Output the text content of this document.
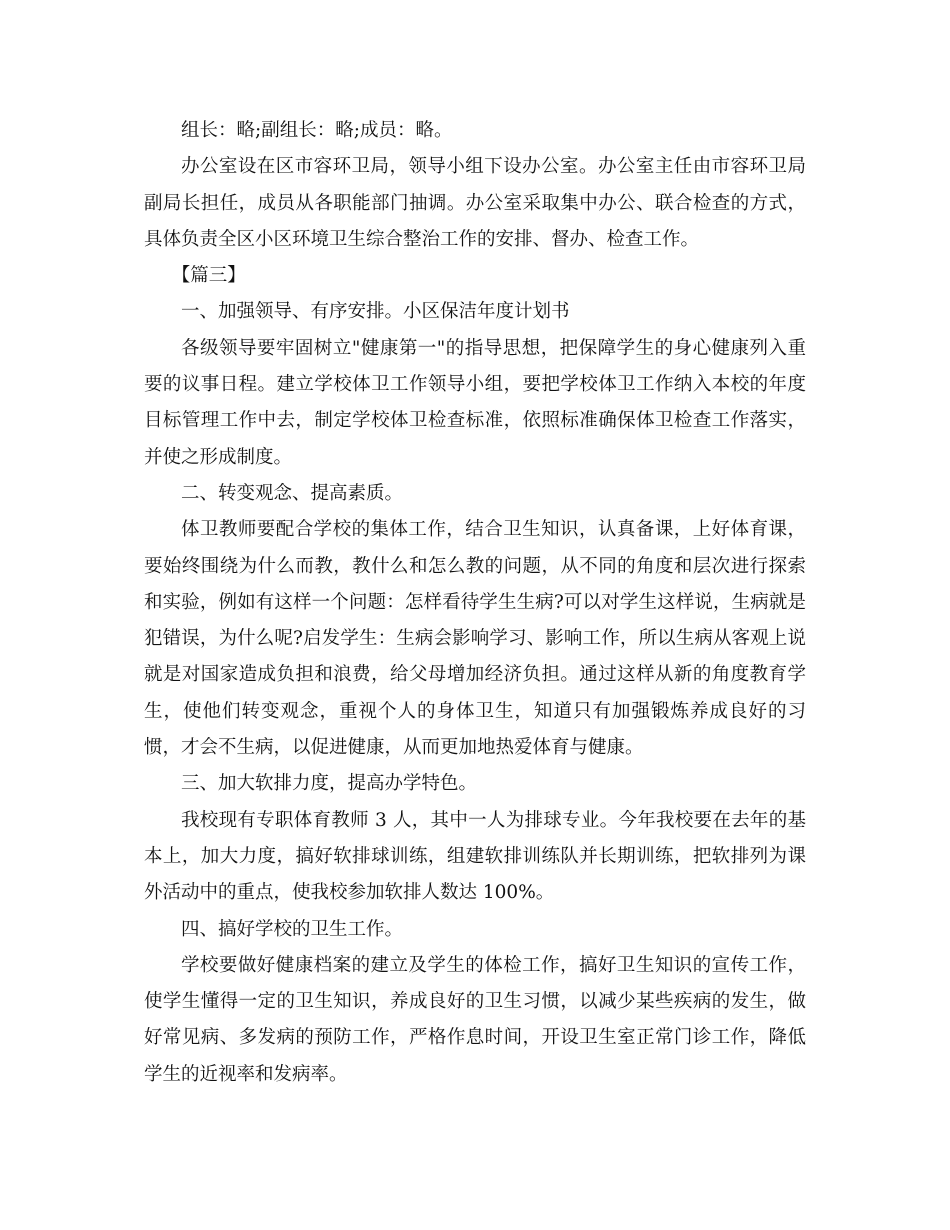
组长：略;副组长：略;成员：略。

办公室设在区市容环卫局，领导小组下设办公室。办公室主任由市容环卫局副局长担任，成员从各职能部门抽调。办公室采取集中办公、联合检查的方式，具体负责全区小区环境卫生综合整治工作的安排、督办、检查工作。

【篇三】

一、加强领导、有序安排。小区保洁年度计划书

各级领导要牢固树立"健康第一"的指导思想，把保障学生的身心健康列入重要的议事日程。建立学校体卫工作领导小组，要把学校体卫工作纳入本校的年度目标管理工作中去，制定学校体卫检查标准，依照标准确保体卫检查工作落实，并使之形成制度。

二、转变观念、提高素质。

体卫教师要配合学校的集体工作，结合卫生知识，认真备课，上好体育课，要始终围绕为什么而教，教什么和怎么教的问题，从不同的角度和层次进行探索和实验，例如有这样一个问题：怎样看待学生生病?可以对学生这样说，生病就是犯错误，为什么呢?启发学生：生病会影响学习、影响工作，所以生病从客观上说就是对国家造成负担和浪费，给父母增加经济负担。通过这样从新的角度教育学生，使他们转变观念，重视个人的身体卫生，知道只有加强锻炼养成良好的习惯，才会不生病，以促进健康，从而更加地热爱体育与健康。

三、加大软排力度，提高办学特色。

我校现有专职体育教师 3 人，其中一人为排球专业。今年我校要在去年的基本上，加大力度，搞好软排球训练，组建软排训练队并长期训练，把软排列为课外活动中的重点，使我校参加软排人数达 100%。

四、搞好学校的卫生工作。

学校要做好健康档案的建立及学生的体检工作，搞好卫生知识的宣传工作，使学生懂得一定的卫生知识，养成良好的卫生习惯，以减少某些疾病的发生，做好常见病、多发病的预防工作，严格作息时间，开设卫生室正常门诊工作，降低学生的近视率和发病率。
